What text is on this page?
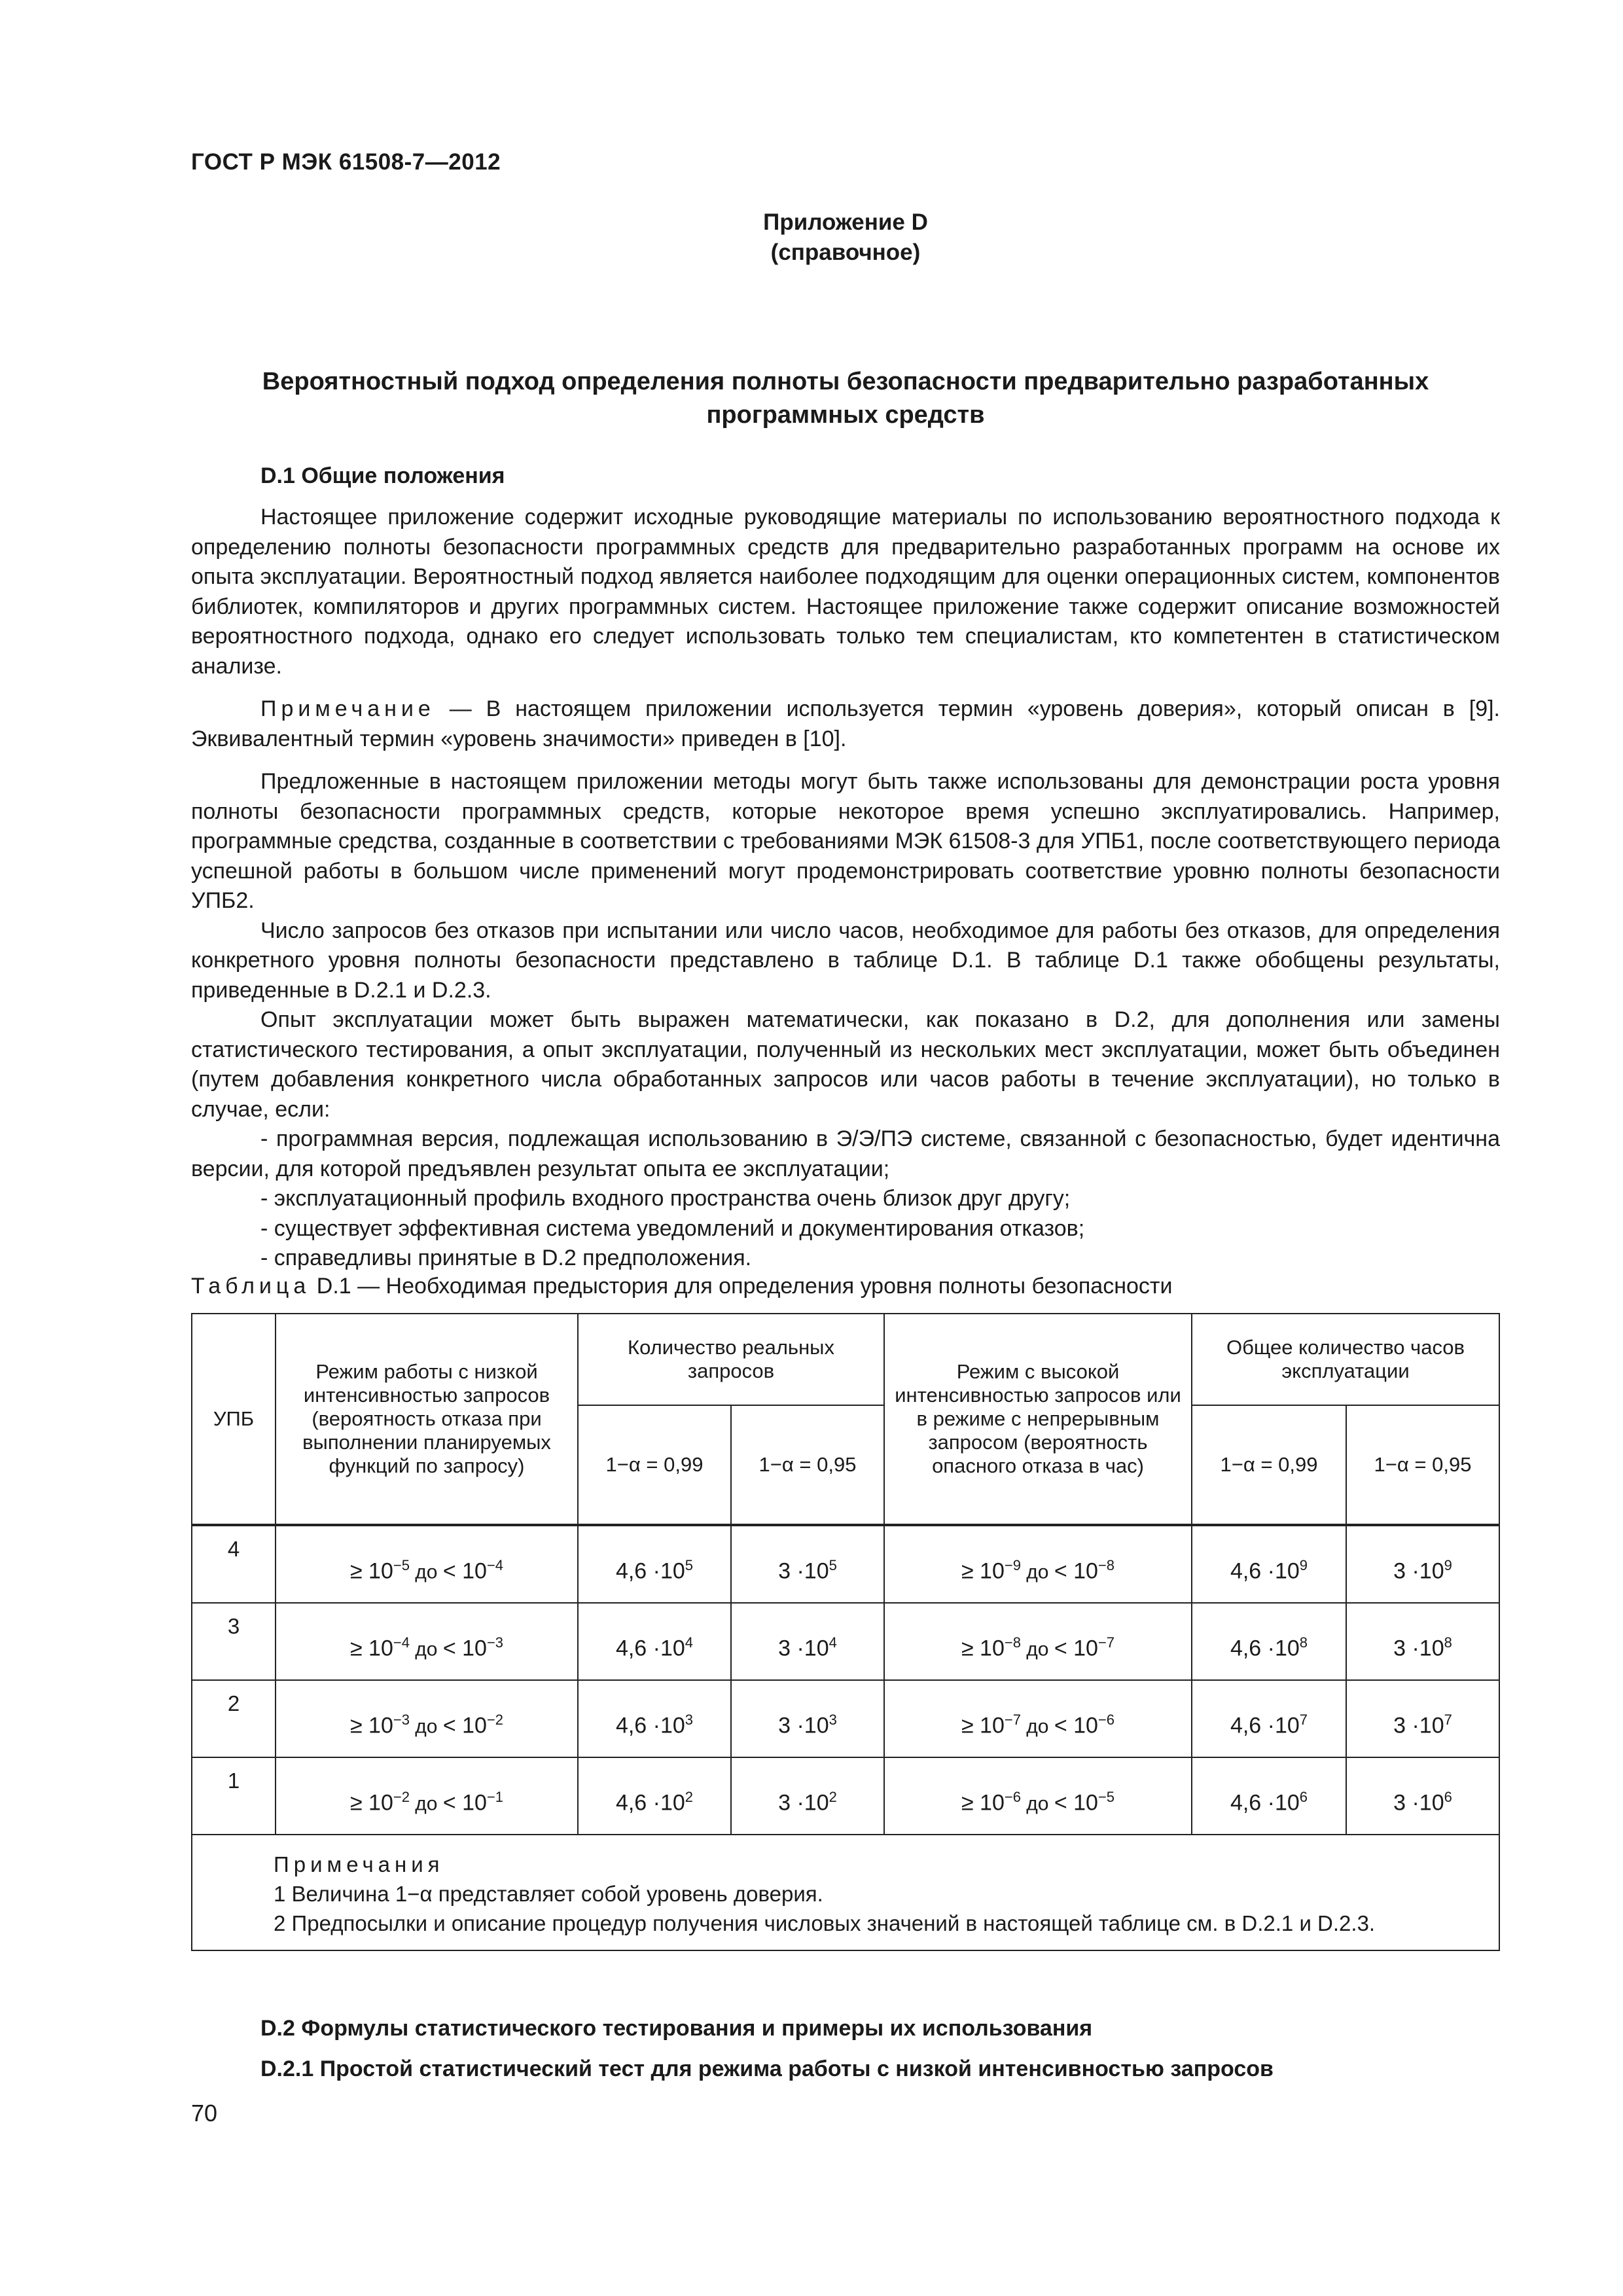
ГОСТ Р МЭК 61508-7—2012
Приложение D
(справочное)
Вероятностный подход определения полноты безопасности предварительно разработанных
программных средств
D.1 Общие положения

Настоящее приложение содержит исходные руководящие материалы по использованию вероятностного подхода к определению полноты безопасности программных средств для предварительно разработанных программ на основе их опыта эксплуатации. Вероятностный подход является наиболее подходящим для оценки операционных систем, компонентов библиотек, компиляторов и других программных систем. Настоящее приложение также содержит описание возможностей вероятностного подхода, однако его следует использовать только тем специалистам, кто компетентен в статистическом анализе.

Примечание — В настоящем приложении используется термин «уровень доверия», который описан в [9]. Эквивалентный термин «уровень значимости» приведен в [10].

Предложенные в настоящем приложении методы могут быть также использованы для демонстрации роста уровня полноты безопасности программных средств, которые некоторое время успешно эксплуатировались. Например, программные средства, созданные в соответствии с требованиями МЭК 61508-3 для УПБ1, после соответствующего периода успешной работы в большом числе применений могут продемонстрировать соответствие уровню полноты безопасности УПБ2.

Число запросов без отказов при испытании или число часов, необходимое для работы без отказов, для определения конкретного уровня полноты безопасности представлено в таблице D.1. В таблице D.1 также обобщены результаты, приведенные в D.2.1 и D.2.3.

Опыт эксплуатации может быть выражен математически, как показано в D.2, для дополнения или замены статистического тестирования, а опыт эксплуатации, полученный из нескольких мест эксплуатации, может быть объединен (путем добавления конкретного числа обработанных запросов или часов работы в течение эксплуатации), но только в случае, если:

- программная версия, подлежащая использованию в Э/Э/ПЭ системе, связанной с безопасностью, будет идентична версии, для которой предъявлен результат опыта ее эксплуатации;

- эксплуатационный профиль входного пространства очень близок друг другу;

- существует эффективная система уведомлений и документирования отказов;

- справедливы принятые в D.2 предположения.

Таблица D.1 — Необходимая предыстория для определения уровня полноты безопасности
УПБ	Режим работы с низкой интенсивностью запросов (вероятность отказа при выполнении планируемых функций по запросу)	Количество реальных запросов		Режим с высокой интенсивностью запросов или в режиме с непрерывным запросом (вероятность опасного отказа в час)	Общее количество часов эксплуатации	
		1−α = 0,99	1−α = 0,95		1−α = 0,99	1−α = 0,95
4	≥ $10^{-5}$ до < $10^{-4}$	$4,6 \cdot 10^5$	$3 \cdot 10^5$	≥ $10^{-9}$ до < $10^{-8}$	$4,6 \cdot 10^9$	$3 \cdot 10^9$
3	≥ $10^{-4}$ до < $10^{-3}$	$4,6 \cdot 10^4$	$3 \cdot 10^4$	≥ $10^{-8}$ до < $10^{-7}$	$4,6 \cdot 10^8$	$3 \cdot 10^8$
2	≥ $10^{-3}$ до < $10^{-2}$	$4,6 \cdot 10^3$	$3 \cdot 10^3$	≥ $10^{-7}$ до < $10^{-6}$	$4,6 \cdot 10^7$	$3 \cdot 10^7$
1	≥ $10^{-2}$ до < $10^{-1}$	$4,6 \cdot 10^2$	$3 \cdot 10^2$	≥ $10^{-6}$ до < $10^{-5}$	$4,6 \cdot 10^6$	$3 \cdot 10^6$

Примечания
1 Величина 1−α представляет собой уровень доверия.
2 Предпосылки и описание процедур получения числовых значений в настоящей таблице см. в D.2.1 и D.2.3.						
D.2 Формулы статистического тестирования и примеры их использования
D.2.1 Простой статистический тест для режима работы с низкой интенсивностью запросов
70
